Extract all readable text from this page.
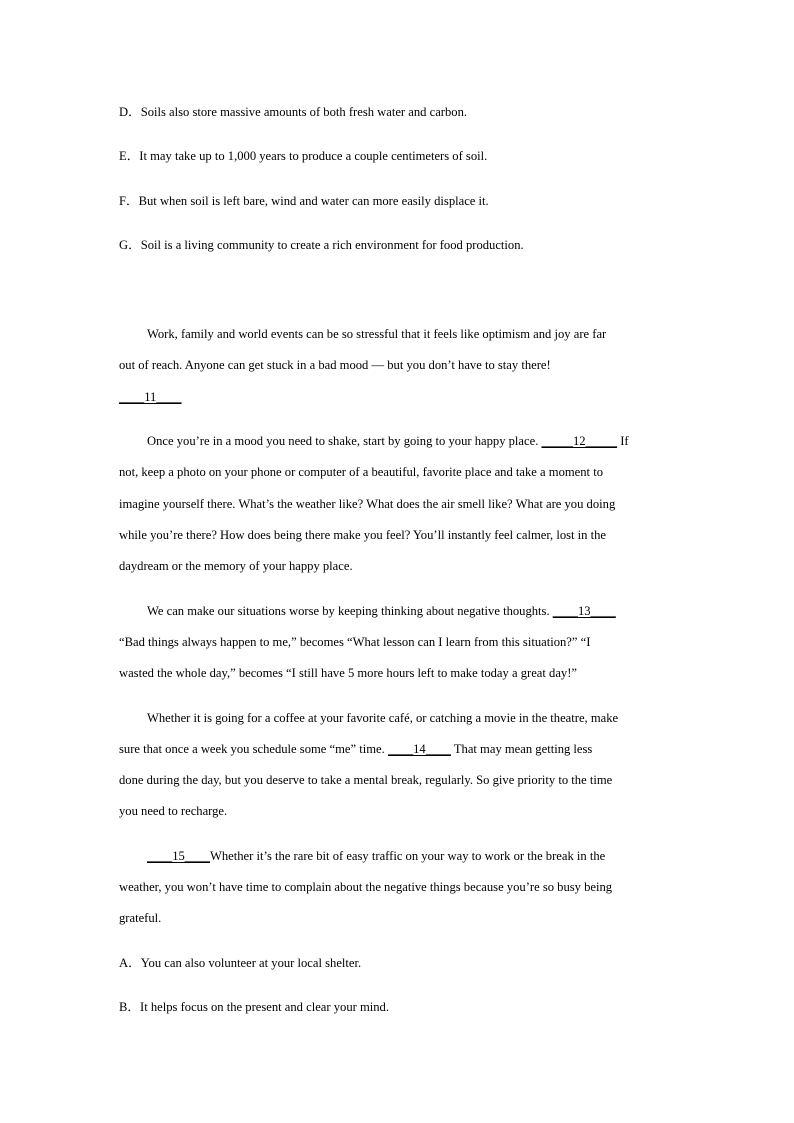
D．Soils also store massive amounts of both fresh water and carbon.
E．It may take up to 1,000 years to produce a couple centimeters of soil.
F．But when soil is left bare, wind and water can more easily displace it.
G．Soil is a living community to create a rich environment for food production.
Work, family and world events can be so stressful that it feels like optimism and joy are far
out of reach. Anyone can get stuck in a bad mood — but you don’t have to stay there!
____11____
Once you’re in a mood you need to shake, start by going to your happy place. _____12_____ If
not, keep a photo on your phone or computer of a beautiful, favorite place and take a moment to
imagine yourself there. What’s the weather like? What does the air smell like? What are you doing
while you’re there? How does being there make you feel? You’ll instantly feel calmer, lost in the
daydream or the memory of your happy place.
We can make our situations worse by keeping thinking about negative thoughts. ____13____
“Bad things always happen to me,” becomes “What lesson can I learn from this situation?” “I
wasted the whole day,” becomes “I still have 5 more hours left to make today a great day!”
Whether it is going for a coffee at your favorite café, or catching a movie in the theatre, make
sure that once a week you schedule some “me” time. ____14____ That may mean getting less
done during the day, but you deserve to take a mental break, regularly. So give priority to the time
you need to recharge.
____15____Whether it’s the rare bit of easy traffic on your way to work or the break in the
weather, you won’t have time to complain about the negative things because you’re so busy being
grateful.
A．You can also volunteer at your local shelter.
B．It helps focus on the present and clear your mind.
